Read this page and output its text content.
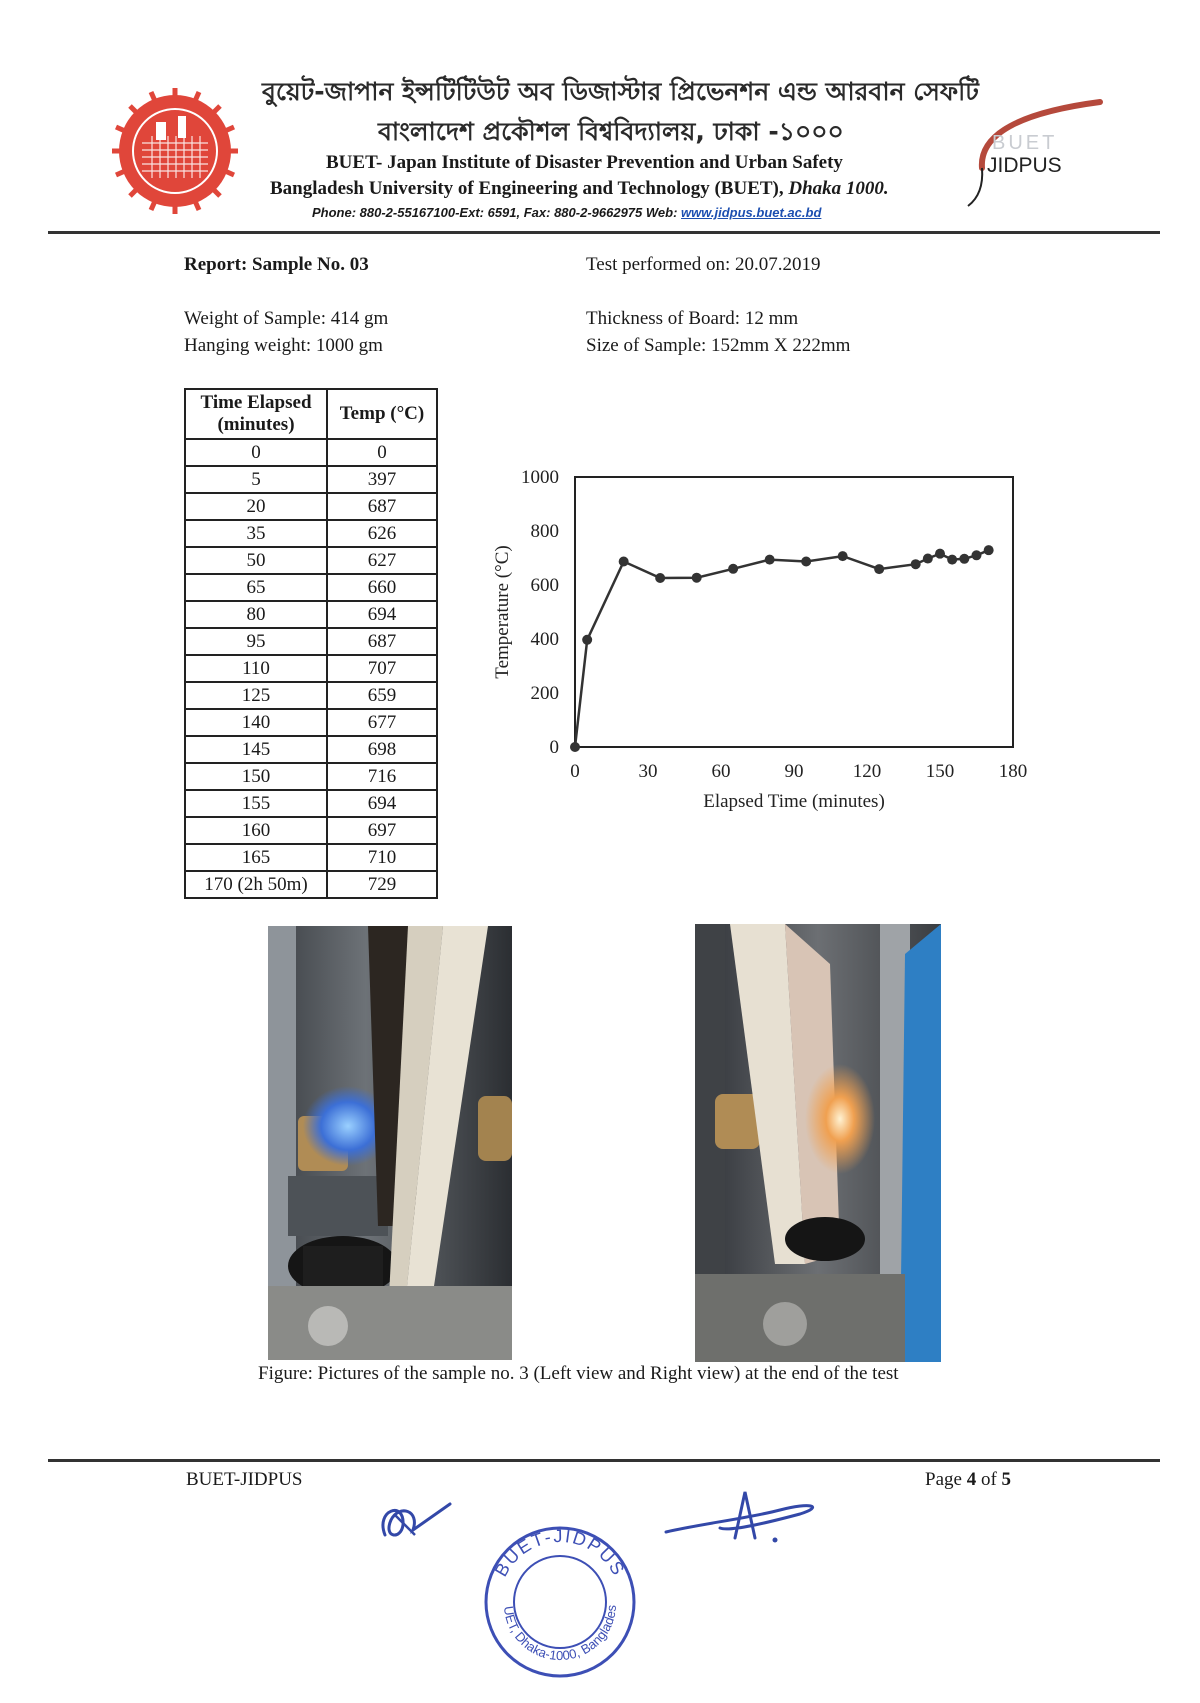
বুয়েট-জাপান ইন্সটিটিউট অব ডিজাস্টার প্রিভেনশন এন্ড আরবান সেফটি
বাংলাদেশ প্রকৌশল বিশ্ববিদ্যালয়, ঢাকা -১০০০
BUET- Japan Institute of Disaster Prevention and Urban Safety
Bangladesh University of Engineering and Technology (BUET), Dhaka 1000.
Phone: 880-2-55167100-Ext: 6591, Fax: 880-2-9662975 Web: www.jidpus.buet.ac.bd
BUET
JIDPUS
Report: Sample No. 03	Test performed on: 20.07.2019
Weight of Sample: 414 gm
Hanging weight: 1000 gm
Thickness of Board: 12 mm
Size of Sample: 152mm X 222mm
Time Elapsed (minutes)	Temp (°C)
0	0
5	397
20	687
35	626
50	627
65	660
80	694
95	687
110	707
125	659
140	677
145	698
150	716
155	694
160	697
165	710
170 (2h 50m)	729
0
200
400
600
800
1000
0	30	60	90	120 150 180
Elapsed Time (minutes)
Temperature (°C)
Figure: Pictures of the sample no. 3 (Left view and Right view) at the end of the test
BUET-JIDPUS	Page 4 of 5
BUET-JIDPUS
UET, Dhaka-1000, Banglades
